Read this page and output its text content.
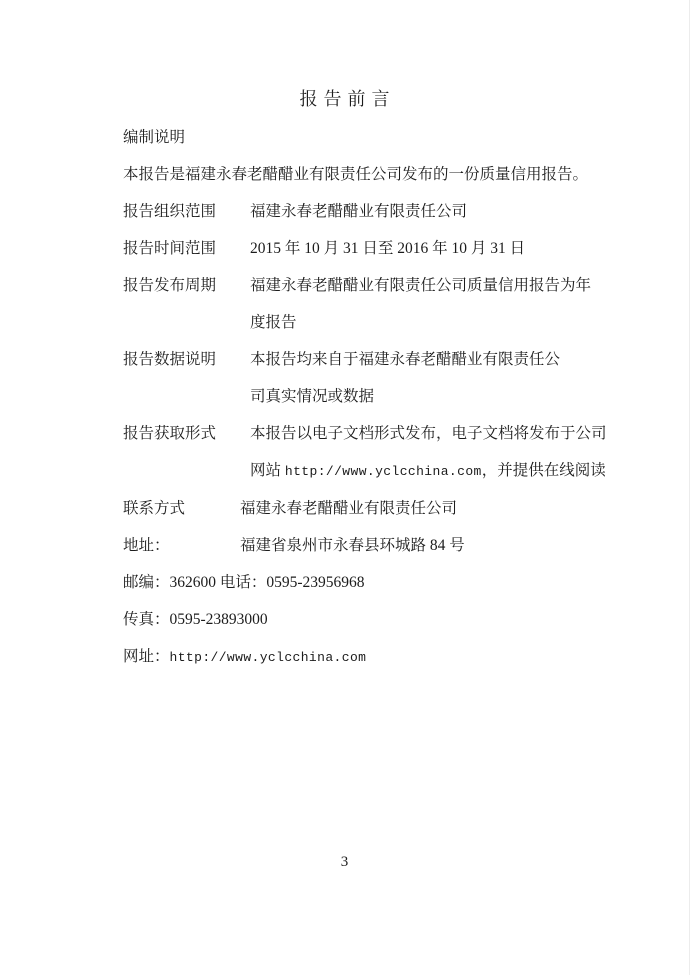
报告前言
编制说明
本报告是福建永春老醋醋业有限责任公司发布的一份质量信用报告。
报告组织范围	福建永春老醋醋业有限责任公司
报告时间范围	2015 年 10 月 31 日至 2016 年 10 月 31 日
报告发布周期	福建永春老醋醋业有限责任公司质量信用报告为年
度报告
报告数据说明	本报告均来自于福建永春老醋醋业有限责任公
司真实情况或数据
报告获取形式	本报告以电子文档形式发布，电子文档将发布于公司
网站 http://www.yclcchina.com，并提供在线阅读
联系方式	福建永春老醋醋业有限责任公司
地址：	福建省泉州市永春县环城路 84 号
邮编：362600 电话：0595-23956968
传真：0595-23893000
网址：http://www.yclcchina.com
3
